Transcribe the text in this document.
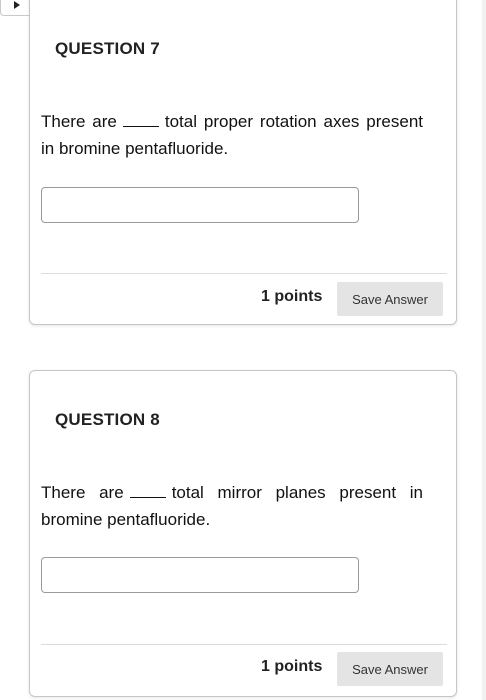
QUESTION 7
There are	total proper rotation axes present in bromine pentafluoride.
1 points	Save Answer
QUESTION 8
There are	total mirror planes present in bromine pentafluoride.
1 points	Save Answer
